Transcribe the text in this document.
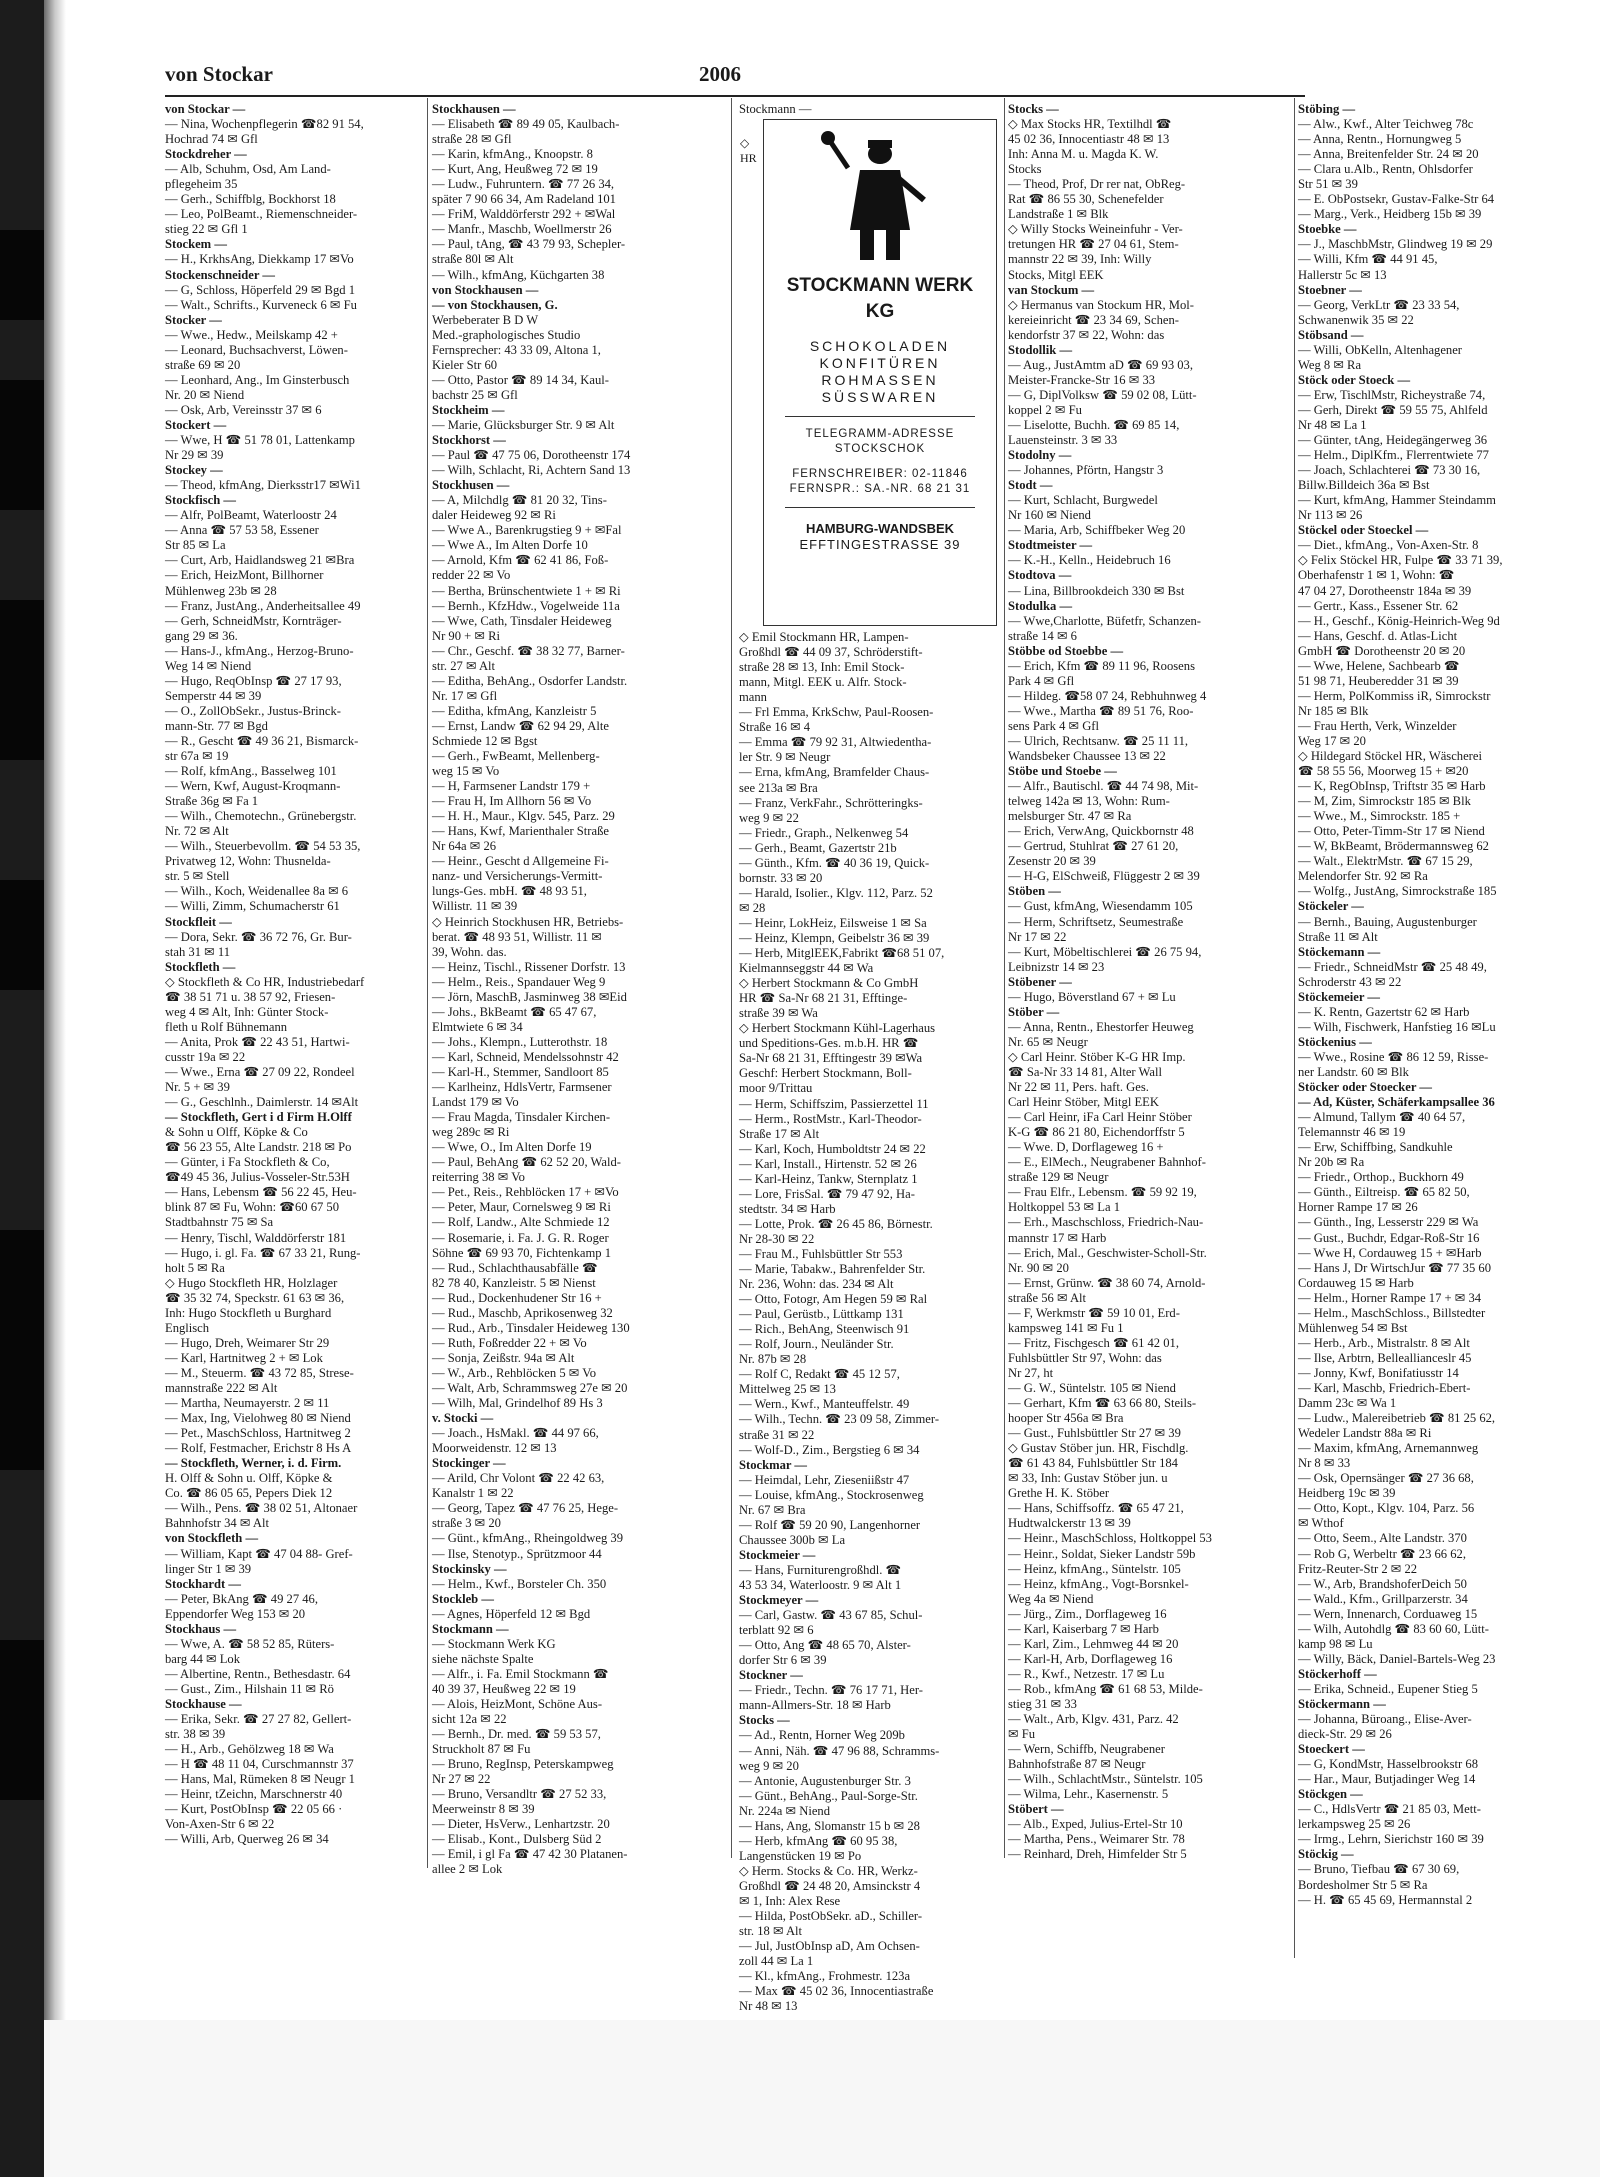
von Stockar	2006
von Stockar —
— Nina, Wochenpflegerin ☎82 91 54,
Hochrad 74 ✉ Gfl
Stockdreher —
— Alb, Schuhm, Osd, Am Land-
pflegeheim 35
— Gerh., Schiffblg, Bockhorst 18
— Leo, PolBeamt., Riemenschneider-
stieg 22 ✉ Gfl 1
Stockem —
— H., KrkhsAng, Diekkamp 17 ✉Vo
Stockenschneider —
— G, Schloss, Höperfeld 29 ✉ Bgd 1
— Walt., Schrifts., Kurveneck 6 ✉ Fu
Stocker —
— Wwe., Hedw., Meilskamp 42 +
— Leonard, Buchsachverst, Löwen-
straße 69 ✉ 20
— Leonhard, Ang., Im Ginsterbusch
Nr. 20 ✉ Niend
— Osk, Arb, Vereinsstr 37 ✉ 6
Stockert —
— Wwe, H ☎ 51 78 01, Lattenkamp
Nr 29 ✉ 39
Stockey —
— Theod, kfmAng, Dierksstr17 ✉Wi1
Stockfisch —
— Alfr, PolBeamt, Waterloostr 24
— Anna ☎ 57 53 58, Essener
Str 85 ✉ La
— Curt, Arb, Haidlandsweg 21 ✉Bra
— Erich, HeizMont, Billhorner
Mühlenweg 23b ✉ 28
— Franz, JustAng., Anderheitsallee 49
— Gerh, SchneidMstr, Kornträger-
gang 29 ✉ 36.
— Hans-J., kfmAng., Herzog-Bruno-
Weg 14 ✉ Niend
— Hugo, ReqObInsp ☎ 27 17 93,
Semperstr 44 ✉ 39
— O., ZollObSekr., Justus-Brinck-
mann-Str. 77 ✉ Bgd
— R., Gescht ☎ 49 36 21, Bismarck-
str 67a ✉ 19
— Rolf, kfmAng., Basselweg 101
— Wern, Kwf, August-Kroqmann-
Straße 36g ✉ Fa 1
— Wilh., Chemotechn., Grünebergstr.
Nr. 72 ✉ Alt
— Wilh., Steuerbevollm. ☎ 54 53 35,
Privatweg 12, Wohn: Thusnelda-
str. 5 ✉ Stell
— Wilh., Koch, Weidenallee 8a ✉ 6
— Willi, Zimm, Schumacherstr 61
Stockfleit —
— Dora, Sekr. ☎ 36 72 76, Gr. Bur-
stah 31 ✉ 11
Stockfleth —
◇ Stockfleth & Co HR, Industriebedarf
☎ 38 51 71 u. 38 57 92, Friesen-
weg 4 ✉ Alt, Inh: Günter Stock-
fleth u Rolf Bühnemann
— Anita, Prok ☎ 22 43 51, Hartwi-
cusstr 19a ✉ 22
— Wwe., Erna ☎ 27 09 22, Rondeel
Nr. 5 + ✉ 39
— G., Geschlnh., Daimlerstr. 14 ✉Alt
— Stockfleth, Gert i d Firm H.Olff
& Sohn u Olff, Köpke & Co
☎ 56 23 55, Alte Landstr. 218 ✉ Po
— Günter, i Fa Stockfleth & Co,
☎49 45 36, Julius-Vosseler-Str.53H
— Hans, Lebensm ☎ 56 22 45, Heu-
blink 87 ✉ Fu, Wohn: ☎60 67 50
Stadtbahnstr 75 ✉ Sa
— Henry, Tischl, Walddörferstr 181
— Hugo, i. gl. Fa. ☎ 67 33 21, Rung-
holt 5 ✉ Ra
◇ Hugo Stockfleth HR, Holzlager
☎ 35 32 74, Speckstr. 61 63 ✉ 36,
Inh: Hugo Stockfleth u Burghard
Englisch
— Hugo, Dreh, Weimarer Str 29
— Karl, Hartnitweg 2 + ✉ Lok
— M., Steuerm. ☎ 43 72 85, Strese-
mannstraße 222 ✉ Alt
— Martha, Neumayerstr. 2 ✉ 11
— Max, Ing, Vielohweg 80 ✉ Niend
— Pet., MaschSchloss, Hartnitweg 2
— Rolf, Festmacher, Erichstr 8 Hs A
— Stockfleth, Werner, i. d. Firm.
H. Olff & Sohn u. Olff, Köpke &
Co. ☎ 86 05 65, Pepers Diek 12
— Wilh., Pens. ☎ 38 02 51, Altonaer
Bahnhofstr 34 ✉ Alt
von Stockfleth —
— William, Kapt ☎ 47 04 88- Gref-
linger Str 1 ✉ 39
Stockhardt —
— Peter, BkAng ☎ 49 27 46,
Eppendorfer Weg 153 ✉ 20
Stockhaus —
— Wwe, A. ☎ 58 52 85, Rüters-
barg 44 ✉ Lok
— Albertine, Rentn., Bethesdastr. 64
— Gust., Zim., Hilshain 11 ✉ Rö
Stockhause —
— Erika, Sekr. ☎ 27 27 82, Gellert-
str. 38 ✉ 39
— H., Arb., Gehölzweg 18 ✉ Wa
— H ☎ 48 11 04, Curschmannstr 37
— Hans, Mal, Rümeken 8 ✉ Neugr 1
— Heinr, tZeichn, Marschnerstr 40
— Kurt, PostObInsp ☎ 22 05 66 ·
Von-Axen-Str 6 ✉ 22
— Willi, Arb, Querweg 26 ✉ 34
Stockhausen —
— Elisabeth ☎ 89 49 05, Kaulbach-
straße 28 ✉ Gfl
— Karin, kfmAng., Knoopstr. 8
— Kurt, Ang, Heußweg 72 ✉ 19
— Ludw., Fuhruntern. ☎ 77 26 34,
später 7 90 66 34, Am Radeland 101
— FriM, Walddörferstr 292 + ✉Wal
— Manfr., Maschb, Woellmerstr 26
— Paul, tAng, ☎ 43 79 93, Schepler-
straße 80l ✉ Alt
— Wilh., kfmAng, Küchgarten 38
von Stockhausen —
— von Stockhausen, G.
Werbeberater B D W
Med.-graphologisches Studio
Fernsprecher: 43 33 09, Altona 1,
Kieler Str 60
— Otto, Pastor ☎ 89 14 34, Kaul-
bachstr 25 ✉ Gfl
Stockheim —
— Marie, Glücksburger Str. 9 ✉ Alt
Stockhorst —
— Paul ☎ 47 75 06, Dorotheenstr 174
— Wilh, Schlacht, Ri, Achtern Sand 13
Stockhusen —
— A, Milchdlg ☎ 81 20 32, Tins-
daler Heideweg 92 ✉ Ri
— Wwe A., Barenkrugstieg 9 + ✉Fal
— Wwe A., Im Alten Dorfe 10
— Arnold, Kfm ☎ 62 41 86, Foß-
redder 22 ✉ Vo
— Bertha, Brünschentwiete 1 + ✉ Ri
— Bernh., KfzHdw., Vogelweide 11a
— Wwe, Cath, Tinsdaler Heideweg
Nr 90 + ✉ Ri
— Chr., Geschf. ☎ 38 32 77, Barner-
str. 27 ✉ Alt
— Editha, BehAng., Osdorfer Landstr.
Nr. 17 ✉ Gfl
— Editha, kfmAng, Kanzleistr 5
— Ernst, Landw ☎ 62 94 29, Alte
Schmiede 12 ✉ Bgst
— Gerh., FwBeamt, Mellenberg-
weg 15 ✉ Vo
— H, Farmsener Landstr 179 +
— Frau H, Im Allhorn 56 ✉ Vo
— H. H., Maur., Klgv. 545, Parz. 29
— Hans, Kwf, Marienthaler Straße
Nr 64a ✉ 26
— Heinr., Gescht d Allgemeine Fi-
nanz- und Versicherungs-Vermitt-
lungs-Ges. mbH. ☎ 48 93 51,
Willistr. 11 ✉ 39
◇ Heinrich Stockhusen HR, Betriebs-
berat. ☎ 48 93 51, Willistr. 11 ✉
39, Wohn. das.
— Heinz, Tischl., Rissener Dorfstr. 13
— Helm., Reis., Spandauer Weg 9
— Jörn, MaschB, Jasminweg 38 ✉Eid
— Johs., BkBeamt ☎ 65 47 67,
Elmtwiete 6 ✉ 34
— Johs., Klempn., Lutterothstr. 18
— Karl, Schneid, Mendelssohnstr 42
— Karl-H., Stemmer, Sandloort 85
— Karlheinz, HdlsVertr, Farmsener
Landst 179 ✉ Vo
— Frau Magda, Tinsdaler Kirchen-
weg 289c ✉ Ri
— Wwe, O., Im Alten Dorfe 19
— Paul, BehAng ☎ 62 52 20, Wald-
reiterring 38 ✉ Vo
— Pet., Reis., Rehblöcken 17 + ✉Vo
— Peter, Maur, Cornelsweg 9 ✉ Ri
— Rolf, Landw., Alte Schmiede 12
— Rosemarie, i. Fa. J. G. R. Roger
Söhne ☎ 69 93 70, Fichtenkamp 1
— Rud., Schlachthausabfälle ☎
82 78 40, Kanzleistr. 5 ✉ Nienst
— Rud., Dockenhudener Str 16 +
— Rud., Maschb, Aprikosenweg 32
— Rud., Arb., Tinsdaler Heideweg 130
— Ruth, Foßredder 22 + ✉ Vo
— Sonja, Zeißstr. 94a ✉ Alt
— W., Arb., Rehblöcken 5 ✉ Vo
— Walt, Arb, Schrammsweg 27e ✉ 20
— Wilh, Mal, Grindelhof 89 Hs 3
v. Stocki —
— Joach., HsMakl. ☎ 44 97 66,
Moorweidenstr. 12 ✉ 13
Stockinger —
— Arild, Chr Volont ☎ 22 42 63,
Kanalstr 1 ✉ 22
— Georg, Tapez ☎ 47 76 25, Hege-
straße 3 ✉ 20
— Günt., kfmAng., Rheingoldweg 39
— Ilse, Stenotyp., Sprützmoor 44
Stockinsky —
— Helm., Kwf., Borsteler Ch. 350
Stockleb —
— Agnes, Höperfeld 12 ✉ Bgd
Stockmann —
— Stockmann Werk KG
siehe nächste Spalte
— Alfr., i. Fa. Emil Stockmann ☎
40 39 37, Heußweg 22 ✉ 19
— Alois, HeizMont, Schöne Aus-
sicht 12a ✉ 22
— Bernh., Dr. med. ☎ 59 53 57,
Struckholt 87 ✉ Fu
— Bruno, RegInsp, Peterskampweg
Nr 27 ✉ 22
— Bruno, Versandltr ☎ 27 52 33,
Meerweinstr 8 ✉ 39
— Dieter, HsVerw., Lenhartzstr. 20
— Elisab., Kont., Dulsberg Süd 2
— Emil, i gl Fa ☎ 47 42 30 Platanen-
allee 2 ✉ Lok
Stockmann —
◇
HR
STOCKMANN WERK
KG
SCHOKOLADEN
KONFITÜREN
ROHMASSEN
SÜSSWAREN
TELEGRAMM-ADRESSE
STOCKSCHOK
FERNSCHREIBER: 02-11846
FERNSPR.: SA.-NR. 68 21 31
HAMBURG-WANDSBEK
EFFTINGESTRASSE 39
◇ Emil Stockmann HR, Lampen-
Großhdl ☎ 44 09 37, Schröderstift-
straße 28 ✉ 13, Inh: Emil Stock-
mann, Mitgl. EEK u. Alfr. Stock-
mann
— Frl Emma, KrkSchw, Paul-Roosen-
Straße 16 ✉ 4
— Emma ☎ 79 92 31, Altwiedentha-
ler Str. 9 ✉ Neugr
— Erna, kfmAng, Bramfelder Chaus-
see 213a ✉ Bra
— Franz, VerkFahr., Schrötteringks-
weg 9 ✉ 22
— Friedr., Graph., Nelkenweg 54
— Gerh., Beamt, Gazertstr 21b
— Günth., Kfm. ☎ 40 36 19, Quick-
bornstr. 33 ✉ 20
— Harald, Isolier., Klgv. 112, Parz. 52
✉ 28
— Heinr, LokHeiz, Eilsweise 1 ✉ Sa
— Heinz, Klempn, Geibelstr 36 ✉ 39
— Herb, MitglEEK,Fabrikt ☎68 51 07,
Kielmannseggstr 44 ✉ Wa
◇ Herbert Stockmann & Co GmbH
HR ☎ Sa-Nr 68 21 31, Efftinge-
straße 39 ✉ Wa
◇ Herbert Stockmann Kühl-Lagerhaus
und Speditions-Ges. m.b.H. HR ☎
Sa-Nr 68 21 31, Efftingestr 39 ✉Wa
Geschf: Herbert Stockmann, Boll-
moor 9/Trittau
— Herm, Schiffszim, Passierzettel 11
— Herm., RostMstr., Karl-Theodor-
Straße 17 ✉ Alt
— Karl, Koch, Humboldtstr 24 ✉ 22
— Karl, Install., Hirtenstr. 52 ✉ 26
— Karl-Heinz, Tankw, Sternplatz 1
— Lore, FrisSal. ☎ 79 47 92, Ha-
stedtstr. 34 ✉ Harb
— Lotte, Prok. ☎ 26 45 86, Börnestr.
Nr 28-30 ✉ 22
— Frau M., Fuhlsbüttler Str 553
— Marie, Tabakw., Bahrenfelder Str.
Nr. 236, Wohn: das. 234 ✉ Alt
— Otto, Fotogr, Am Hegen 59 ✉ Ral
— Paul, Gerüstb., Lüttkamp 131
— Rich., BehAng, Steenwisch 91
— Rolf, Journ., Neuländer Str.
Nr. 87b ✉ 28
— Rolf C, Redakt ☎ 45 12 57,
Mittelweg 25 ✉ 13
— Wern., Kwf., Manteuffelstr. 49
— Wilh., Techn. ☎ 23 09 58, Zimmer-
straße 31 ✉ 22
— Wolf-D., Zim., Bergstieg 6 ✉ 34
Stockmar —
— Heimdal, Lehr, Zieseniißstr 47
— Louise, kfmAng., Stockrosenweg
Nr. 67 ✉ Bra
— Rolf ☎ 59 20 90, Langenhorner
Chaussee 300b ✉ La
Stockmeier —
— Hans, Furniturengroßhdl. ☎
43 53 34, Waterloostr. 9 ✉ Alt 1
Stockmeyer —
— Carl, Gastw. ☎ 43 67 85, Schul-
terblatt 92 ✉ 6
— Otto, Ang ☎ 48 65 70, Alster-
dorfer Str 6 ✉ 39
Stockner —
— Friedr., Techn. ☎ 76 17 71, Her-
mann-Allmers-Str. 18 ✉ Harb
Stocks —
— Ad., Rentn, Horner Weg 209b
— Anni, Näh. ☎ 47 96 88, Schramms-
weg 9 ✉ 20
— Antonie, Augustenburger Str. 3
— Günt., BehAng., Paul-Sorge-Str.
Nr. 224a ✉ Niend
— Hans, Ang, Slomanstr 15 b ✉ 28
— Herb, kfmAng ☎ 60 95 38,
Langenstücken 19 ✉ Po
◇ Herm. Stocks & Co. HR, Werkz-
Großhdl ☎ 24 48 20, Amsinckstr 4
✉ 1, Inh: Alex Rese
— Hilda, PostObSekr. aD., Schiller-
str. 18 ✉ Alt
— Jul, JustObInsp aD, Am Ochsen-
zoll 44 ✉ La 1
— Kl., kfmAng., Frohmestr. 123a
— Max ☎ 45 02 36, Innocentiastraße
Nr 48 ✉ 13
Stocks —
◇ Max Stocks HR, Textilhdl ☎
45 02 36, Innocentiastr 48 ✉ 13
Inh: Anna M. u. Magda K. W.
Stocks
— Theod, Prof, Dr rer nat, ObReg-
Rat ☎ 86 55 30, Schenefelder
Landstraße 1 ✉ Blk
◇ Willy Stocks Weineinfuhr - Ver-
tretungen HR ☎ 27 04 61, Stem-
mannstr 22 ✉ 39, Inh: Willy
Stocks, Mitgl EEK
van Stockum —
◇ Hermanus van Stockum HR, Mol-
kereieinricht ☎ 23 34 69, Schen-
kendorfstr 37 ✉ 22, Wohn: das
Stodollik —
— Aug., JustAmtm aD ☎ 69 93 03,
Meister-Francke-Str 16 ✉ 33
— G, DiplVolksw ☎ 59 02 08, Lütt-
koppel 2 ✉ Fu
— Liselotte, Buchh. ☎ 69 85 14,
Lauensteinstr. 3 ✉ 33
Stodolny —
— Johannes, Pförtn, Hangstr 3
Stodt —
— Kurt, Schlacht, Burgwedel
Nr 160 ✉ Niend
— Maria, Arb, Schiffbeker Weg 20
Stodtmeister —
— K.-H., Kelln., Heidebruch 16
Stodtova —
— Lina, Billbrookdeich 330 ✉ Bst
Stodulka —
— Wwe,Charlotte, Büfetfr, Schanzen-
straße 14 ✉ 6
Stöbbe od Stoebbe —
— Erich, Kfm ☎ 89 11 96, Roosens
Park 4 ✉ Gfl
— Hildeg. ☎58 07 24, Rebhuhnweg 4
— Wwe., Martha ☎ 89 51 76, Roo-
sens Park 4 ✉ Gfl
— Ulrich, Rechtsanw. ☎ 25 11 11,
Wandsbeker Chaussee 13 ✉ 22
Stöbe und Stoebe —
— Alfr., Bautischl. ☎ 44 74 98, Mit-
telweg 142a ✉ 13, Wohn: Rum-
melsburger Str. 47 ✉ Ra
— Erich, VerwAng, Quickbornstr 48
— Gertrud, Stuhlrat ☎ 27 61 20,
Zesenstr 20 ✉ 39
— H-G, ElSchweiß, Flüggestr 2 ✉ 39
Stöben —
— Gust, kfmAng, Wiesendamm 105
— Herm, Schriftsetz, Seumestraße
Nr 17 ✉ 22
— Kurt, Möbeltischlerei ☎ 26 75 94,
Leibnizstr 14 ✉ 23
Stöbener —
— Hugo, Böverstland 67 + ✉ Lu
Stöber —
— Anna, Rentn., Ehestorfer Heuweg
Nr. 65 ✉ Neugr
◇ Carl Heinr. Stöber K-G HR Imp.
☎ Sa-Nr 33 14 81, Alter Wall
Nr 22 ✉ 11, Pers. haft. Ges.
Carl Heinr Stöber, Mitgl EEK
— Carl Heinr, iFa Carl Heinr Stöber
K-G ☎ 86 21 80, Eichendorffstr 5
— Wwe. D, Dorflageweg 16 +
— E., ElMech., Neugrabener Bahnhof-
straße 129 ✉ Neugr
— Frau Elfr., Lebensm. ☎ 59 92 19,
Holtkoppel 53 ✉ La 1
— Erh., Maschschloss, Friedrich-Nau-
mannstr 17 ✉ Harb
— Erich, Mal., Geschwister-Scholl-Str.
Nr. 90 ✉ 20
— Ernst, Grünw. ☎ 38 60 74, Arnold-
straße 56 ✉ Alt
— F, Werkmstr ☎ 59 10 01, Erd-
kampsweg 141 ✉ Fu 1
— Fritz, Fischgesch ☎ 61 42 01,
Fuhlsbüttler Str 97, Wohn: das
Nr 27, ht
— G. W., Süntelstr. 105 ✉ Niend
— Gerhart, Kfm ☎ 63 66 80, Steils-
hooper Str 456a ✉ Bra
— Gust., Fuhlsbüttler Str 27 ✉ 39
◇ Gustav Stöber jun. HR, Fischdlg.
☎ 61 43 84, Fuhlsbüttler Str 184
✉ 33, Inh: Gustav Stöber jun. u
Grethe H. K. Stöber
— Hans, Schiffsoffz. ☎ 65 47 21,
Hudtwalckerstr 13 ✉ 39
— Heinr., MaschSchloss, Holtkoppel 53
— Heinr., Soldat, Sieker Landstr 59b
— Heinz, kfmAng., Süntelstr. 105
— Heinz, kfmAng., Vogt-Borsnkel-
Weg 4a ✉ Niend
— Jürg., Zim., Dorflageweg 16
— Karl, Kaiserbarg 7 ✉ Harb
— Karl, Zim., Lehmweg 44 ✉ 20
— Karl-H, Arb, Dorflageweg 16
— R., Kwf., Netzestr. 17 ✉ Lu
— Rob., kfmAng ☎ 61 68 53, Milde-
stieg 31 ✉ 33
— Walt., Arb, Klgv. 431, Parz. 42
✉ Fu
— Wern, Schiffb, Neugrabener
Bahnhofstraße 87 ✉ Neugr
— Wilh., SchlachtMstr., Süntelstr. 105
— Wilma, Lehr., Kasernenstr. 5
Stöbert —
— Alb., Exped, Julius-Ertel-Str 10
— Martha, Pens., Weimarer Str. 78
— Reinhard, Dreh, Himfelder Str 5
Stöbing —
— Alw., Kwf., Alter Teichweg 78c
— Anna, Rentn., Hornungweg 5
— Anna, Breitenfelder Str. 24 ✉ 20
— Clara u.Alb., Rentn, Ohlsdorfer
Str 51 ✉ 39
— E. ObPostsekr, Gustav-Falke-Str 64
— Marg., Verk., Heidberg 15b ✉ 39
Stoebke —
— J., MaschbMstr, Glindweg 19 ✉ 29
— Willi, Kfm ☎ 44 91 45,
Hallerstr 5c ✉ 13
Stoebner —
— Georg, VerkLtr ☎ 23 33 54,
Schwanenwik 35 ✉ 22
Stöbsand —
— Willi, ObKelln, Altenhagener
Weg 8 ✉ Ra
Stöck oder Stoeck —
— Erw, TischlMstr, Richeystraße 74,
— Gerh, Direkt ☎ 59 55 75, Ahlfeld
Nr 48 ✉ La 1
— Günter, tAng, Heidegängerweg 36
— Helm., DiplKfm., Flerrentwiete 77
— Joach, Schlachterei ☎ 73 30 16,
Billw.Billdeich 36a ✉ Bst
— Kurt, kfmAng, Hammer Steindamm
Nr 113 ✉ 26
Stöckel oder Stoeckel —
— Diet., kfmAng., Von-Axen-Str. 8
◇ Felix Stöckel HR, Fulpe ☎ 33 71 39,
Oberhafenstr 1 ✉ 1, Wohn: ☎
47 04 27, Dorotheenstr 184a ✉ 39
— Gertr., Kass., Essener Str. 62
— H., Geschf., König-Heinrich-Weg 9d
— Hans, Geschf. d. Atlas-Licht
GmbH ☎ Dorotheenstr 20 ✉ 20
— Wwe, Helene, Sachbearb ☎
51 98 71, Heuberedder 31 ✉ 39
— Herm, PolKommiss iR, Simrockstr
Nr 185 ✉ Blk
— Frau Herth, Verk, Winzelder
Weg 17 ✉ 20
◇ Hildegard Stöckel HR, Wäscherei
☎ 58 55 56, Moorweg 15 + ✉20
— K, RegObInsp, Triftstr 35 ✉ Harb
— M, Zim, Simrockstr 185 ✉ Blk
— Wwe., M., Simrockstr. 185 +
— Otto, Peter-Timm-Str 17 ✉ Niend
— W, BkBeamt, Brödermannsweg 62
— Walt., ElektrMstr. ☎ 67 15 29,
Melendorfer Str. 92 ✉ Ra
— Wolfg., JustAng, Simrockstraße 185
Stöckeler —
— Bernh., Bauing, Augustenburger
Straße 11 ✉ Alt
Stöckemann —
— Friedr., SchneidMstr ☎ 25 48 49,
Schroderstr 43 ✉ 22
Stöckemeier —
— K. Rentn, Gazertstr 62 ✉ Harb
— Wilh, Fischwerk, Hanfstieg 16 ✉Lu
Stöckenius —
— Wwe., Rosine ☎ 86 12 59, Risse-
ner Landstr. 60 ✉ Blk
Stöcker oder Stoecker —
— Ad, Küster, Schäferkampsallee 36
— Almund, Tallym ☎ 40 64 57,
Telemannstr 46 ✉ 19
— Erw, Schiffbing, Sandkuhle
Nr 20b ✉ Ra
— Friedr., Orthop., Buckhorn 49
— Günth., Eiltreisp. ☎ 65 82 50,
Horner Rampe 17 ✉ 26
— Günth., Ing, Lesserstr 229 ✉ Wa
— Gust., Buchdr, Edgar-Roß-Str 16
— Wwe H, Cordauweg 15 + ✉Harb
— Hans J, Dr WirtschJur ☎ 77 35 60
Cordauweg 15 ✉ Harb
— Helm., Horner Rampe 17 + ✉ 34
— Helm., MaschSchloss., Billstedter
Mühlenweg 54 ✉ Bst
— Herb., Arb., Mistralstr. 8 ✉ Alt
— Ilse, Arbtrn, Belleallianceslr 45
— Jonny, Kwf, Bonifatiusstr 14
— Karl, Maschb, Friedrich-Ebert-
Damm 23c ✉ Wa 1
— Ludw., Malereibetrieb ☎ 81 25 62,
Wedeler Landstr 88a ✉ Ri
— Maxim, kfmAng, Arnemannweg
Nr 8 ✉ 33
— Osk, Opernsänger ☎ 27 36 68,
Heidberg 19c ✉ 39
— Otto, Kopt., Klgv. 104, Parz. 56
✉ Wthof
— Otto, Seem., Alte Landstr. 370
— Rob G, Werbeltr ☎ 23 66 62,
Fritz-Reuter-Str 2 ✉ 22
— W., Arb, BrandshoferDeich 50
— Wald., Kfm., Grillparzerstr. 34
— Wern, Innenarch, Corduaweg 15
— Wilh, Autohdlg ☎ 83 60 60, Lütt-
kamp 98 ✉ Lu
— Willy, Bäck, Daniel-Bartels-Weg 23
Stöckerhoff —
— Erika, Schneid., Eupener Stieg 5
Stöckermann —
— Johanna, Büroang., Elise-Aver-
dieck-Str. 29 ✉ 26
Stoeckert —
— G, KondMstr, Hasselbrookstr 68
— Har., Maur, Butjadinger Weg 14
Stöckgen —
— C., HdlsVertr ☎ 21 85 03, Mett-
lerkampsweg 25 ✉ 26
— Irmg., Lehrn, Sierichstr 160 ✉ 39
Stöckig —
— Bruno, Tiefbau ☎ 67 30 69,
Bordesholmer Str 5 ✉ Ra
— H. ☎ 65 45 69, Hermannstal 2
